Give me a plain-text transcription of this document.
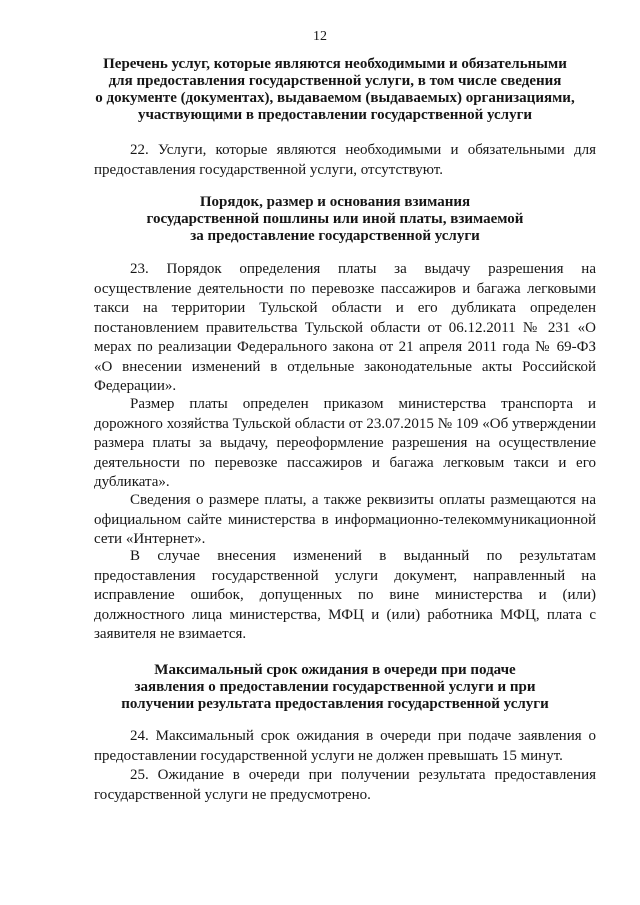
12
Перечень услуг, которые являются необходимыми и обязательными
для предоставления государственной услуги, в том числе сведения
о документе (документах), выдаваемом (выдаваемых) организациями,
участвующими в предоставлении государственной услуги

22. Услуги, которые являются необходимыми и обязательными для предоставления государственной услуги, отсутствуют.

Порядок, размер и основания взимания
государственной пошлины или иной платы, взимаемой
за предоставление государственной услуги

23. Порядок определения платы за выдачу разрешения на осуществление деятельности по перевозке пассажиров и багажа легковыми такси на территории Тульской области и его дубликата определен постановлением правительства Тульской области от 06.12.2011 № 231 «О мерах по реализации Федерального закона от 21 апреля 2011 года № 69-ФЗ «О внесении изменений в отдельные законодательные акты Российской Федерации».

Размер платы определен приказом министерства транспорта и дорожного хозяйства Тульской области от 23.07.2015 № 109 «Об утверждении размера платы за выдачу, переоформление разрешения на осуществление деятельности по перевозке пассажиров и багажа легковым такси и его дубликата».

Сведения о размере платы, а также реквизиты оплаты размещаются на официальном сайте министерства в информационно-телекоммуникационной сети «Интернет».

В случае внесения изменений в выданный по результатам предоставления государственной услуги документ, направленный на исправление ошибок, допущенных по вине министерства и (или) должностного лица министерства, МФЦ и (или) работника МФЦ, плата с заявителя не взимается.

Максимальный срок ожидания в очереди при подаче
заявления о предоставлении государственной услуги и при
получении результата предоставления государственной услуги

24. Максимальный срок ожидания в очереди при подаче заявления о предоставлении государственной услуги не должен превышать 15 минут.

25. Ожидание в очереди при получении результата предоставления государственной услуги не предусмотрено.
